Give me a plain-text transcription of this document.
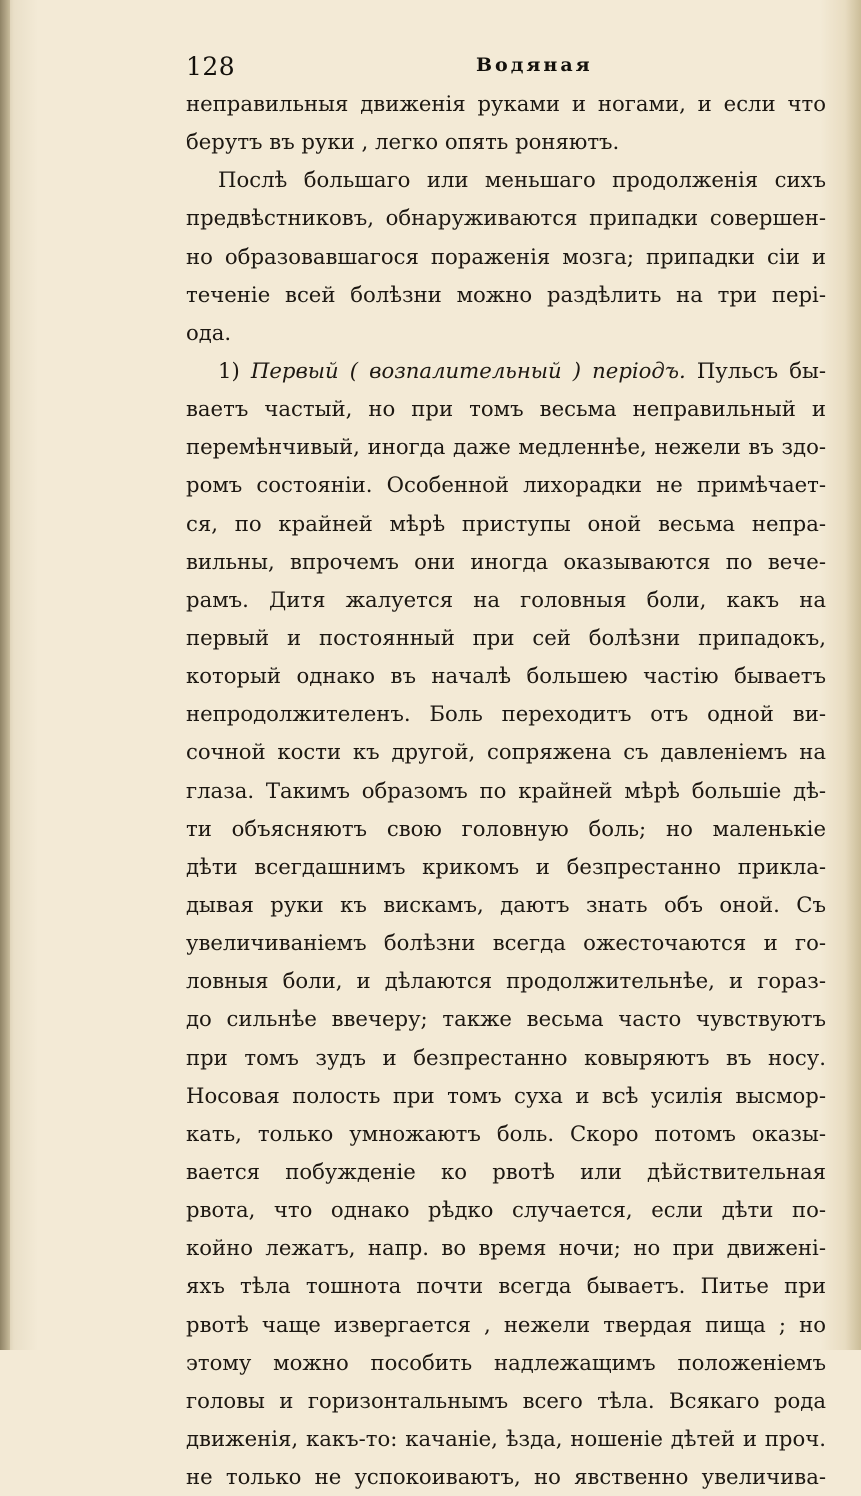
128	Водяная
неправильныя движенія руками и ногами, и если что
берутъ въ руки , легко опять роняютъ.
Послѣ большаго или меньшаго продолженія сихъ
предвѣстниковъ, обнаруживаются припадки совершен-
но образовавшагося пораженія мозга; припадки сіи и
теченіе всей болѣзни можно раздѣлить на три пері-
ода.
1) Первый ( возпалительный ) періодъ. Пульсъ бы-
ваетъ частый, но при томъ весьма неправильный и
перемѣнчивый, иногда даже медленнѣе, нежели въ здо-
ромъ состояніи. Особенной лихорадки не примѣчает-
ся, по крайней мѣрѣ приступы оной весьма непра-
вильны, впрочемъ они иногда оказываются по вече-
рамъ. Дитя жалуется на головныя боли, какъ на
первый и постоянный при сей болѣзни припадокъ,
который однако въ началѣ большею частію бываетъ
непродолжителенъ. Боль переходитъ отъ одной ви-
сочной кости къ другой, сопряжена съ давленіемъ на
глаза. Такимъ образомъ по крайней мѣрѣ большіе дѣ-
ти объясняютъ свою головную боль; но маленькіе
дѣти всегдашнимъ крикомъ и безпрестанно прикла-
дывая руки къ вискамъ, даютъ знать объ оной. Съ
увеличиваніемъ болѣзни всегда ожесточаются и го-
ловныя боли, и дѣлаются продолжительнѣе, и гораз-
до сильнѣе ввечеру; также весьма часто чувствуютъ
при томъ зудъ и безпрестанно ковыряютъ въ носу.
Носовая полость при томъ суха и всѣ усилія высмор-
кать, только умножаютъ боль. Скоро потомъ оказы-
вается побужденіе ко рвотѣ или дѣйствительная
рвота, что однако рѣдко случается, если дѣти по-
койно лежатъ, напр. во время ночи; но при движені-
яхъ тѣла тошнота почти всегда бываетъ. Питье при
рвотѣ чаще извергается , нежели твердая пища ; но
этому можно пособить надлежащимъ положеніемъ
головы и горизонтальнымъ всего тѣла. Всякаго рода
движенія, какъ-то: качаніе, ѣзда, ношеніе дѣтей и проч.
не только не успокоиваютъ, но явственно увеличива-
